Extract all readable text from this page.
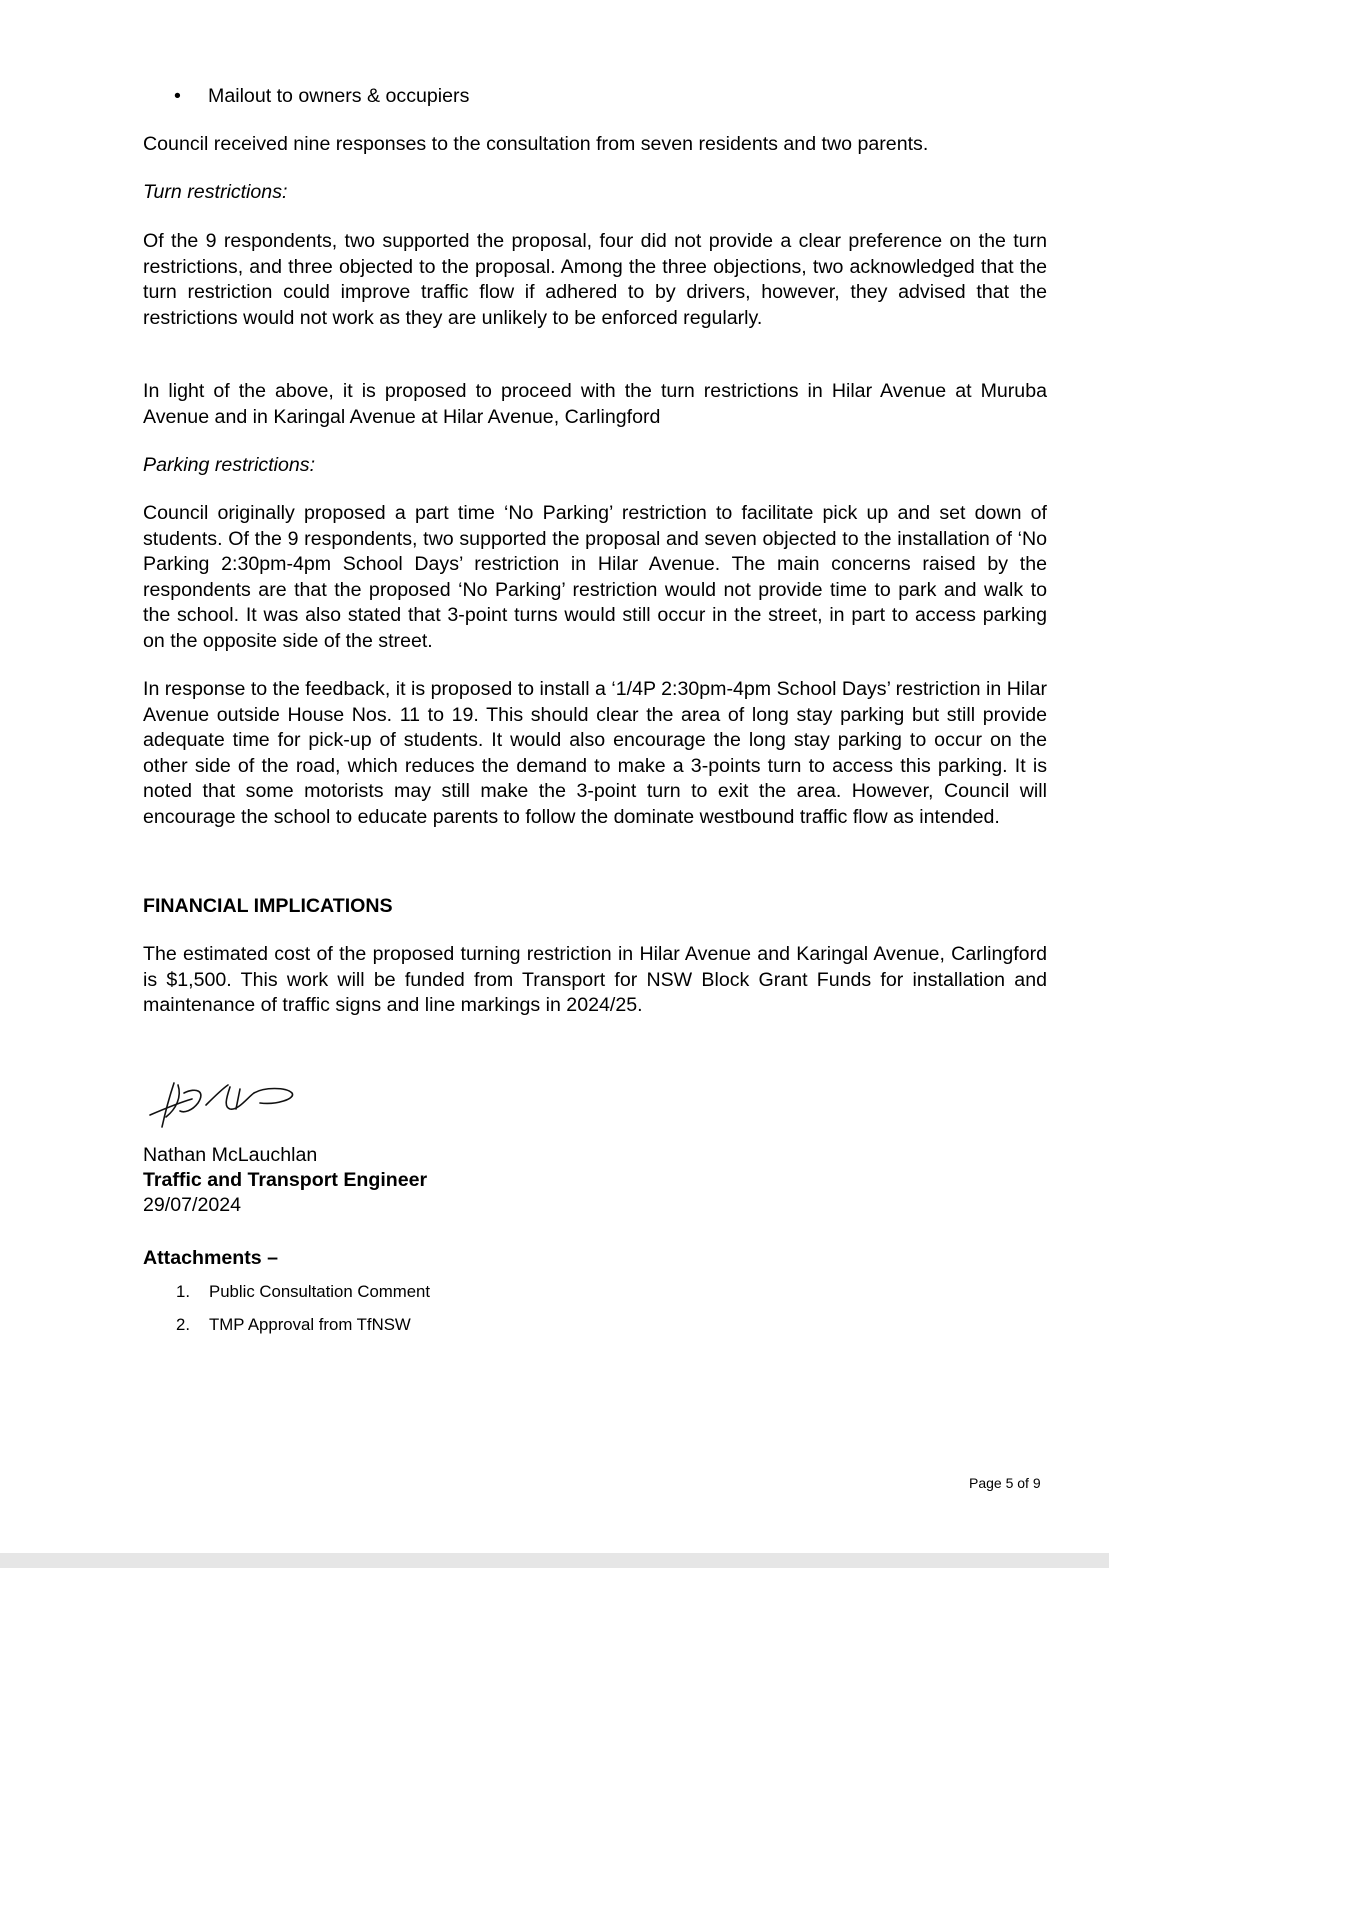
• Mailout to owners & occupiers

Council received nine responses to the consultation from seven residents and two parents.

Turn restrictions:

Of the 9 respondents, two supported the proposal, four did not provide a clear preference on the turn restrictions, and three objected to the proposal. Among the three objections, two acknowledged that the turn restriction could improve traffic flow if adhered to by drivers, however, they advised that the restrictions would not work as they are unlikely to be enforced regularly.

In light of the above, it is proposed to proceed with the turn restrictions in Hilar Avenue at Muruba Avenue and in Karingal Avenue at Hilar Avenue, Carlingford

Parking restrictions:

Council originally proposed a part time ‘No Parking’ restriction to facilitate pick up and set down of students. Of the 9 respondents, two supported the proposal and seven objected to the installation of ‘No Parking 2:30pm-4pm School Days’ restriction in Hilar Avenue. The main concerns raised by the respondents are that the proposed ‘No Parking’ restriction would not provide time to park and walk to the school. It was also stated that 3-point turns would still occur in the street, in part to access parking on the opposite side of the street.

In response to the feedback, it is proposed to install a ‘1/4P 2:30pm-4pm School Days’ restriction in Hilar Avenue outside House Nos. 11 to 19. This should clear the area of long stay parking but still provide adequate time for pick-up of students. It would also encourage the long stay parking to occur on the other side of the road, which reduces the demand to make a 3-points turn to access this parking. It is noted that some motorists may still make the 3-point turn to exit the area. However, Council will encourage the school to educate parents to follow the dominate westbound traffic flow as intended.

FINANCIAL IMPLICATIONS

The estimated cost of the proposed turning restriction in Hilar Avenue and Karingal Avenue, Carlingford is $1,500. This work will be funded from Transport for NSW Block Grant Funds for installation and maintenance of traffic signs and line markings in 2024/25.

Nathan McLauchlan

Traffic and Transport Engineer

29/07/2024

Attachments –

1. Public Consultation Comment
2. TMP Approval from TfNSW
Page 5 of 9
